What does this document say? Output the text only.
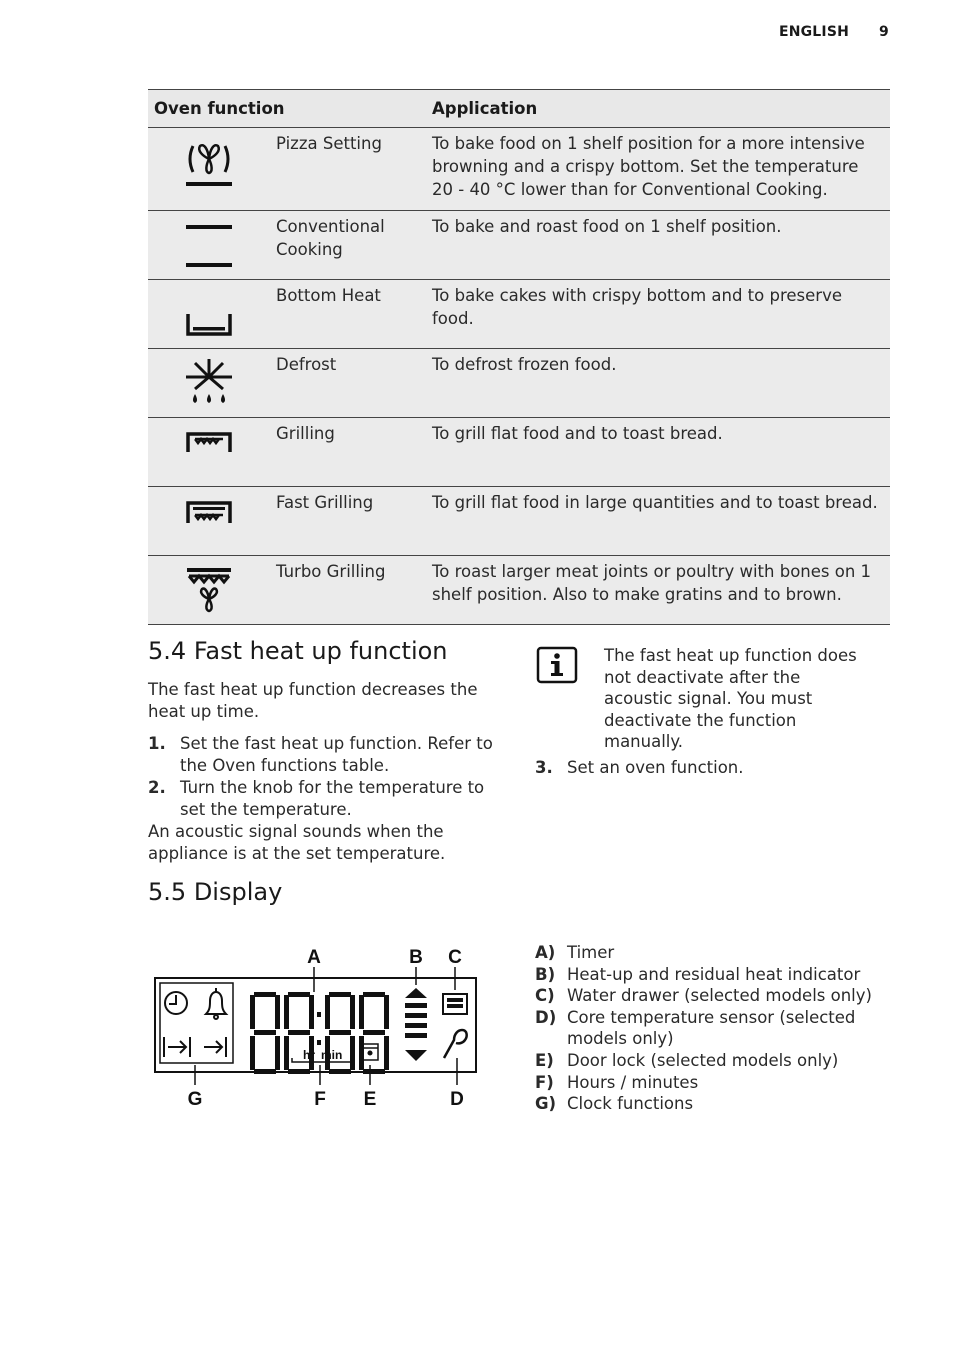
ENGLISH 9
Oven function		Application

	Pizza Setting	To bake food on 1 shelf position for a more intensive browning and a crispy bottom. Set the temperature 20 - 40 °C lower than for Conventional Cooking.

	Conventional Cooking	To bake and roast food on 1 shelf position.

	Bottom Heat	To bake cakes with crispy bottom and to preserve food.

	Defrost	To defrost frozen food.

	Grilling	To grill flat food and to toast bread.

	Fast Grilling	To grill flat food in large quantities and to toast bread.

	Turbo Grilling	To roast larger meat joints or poultry with bones on 1 shelf position. Also to make gratins and to brown.
5.4 Fast heat up function

The fast heat up function decreases the heat up time.

1. Set the fast heat up function. Refer to the Oven functions table.
2. Turn the knob for the temperature to set the temperature.

An acoustic signal sounds when the appliance is at the set temperature.

The fast heat up function does not deactivate after the acoustic signal. You must deactivate the function manually.
3. Set an oven function.
5.5 Display
A	B C
G	F E	D
hr min
A) Timer
B) Heat-up and residual heat indicator
C) Water drawer (selected models only)
D) Core temperature sensor (selected models only)
E) Door lock (selected models only)
F) Hours / minutes
G) Clock functions
